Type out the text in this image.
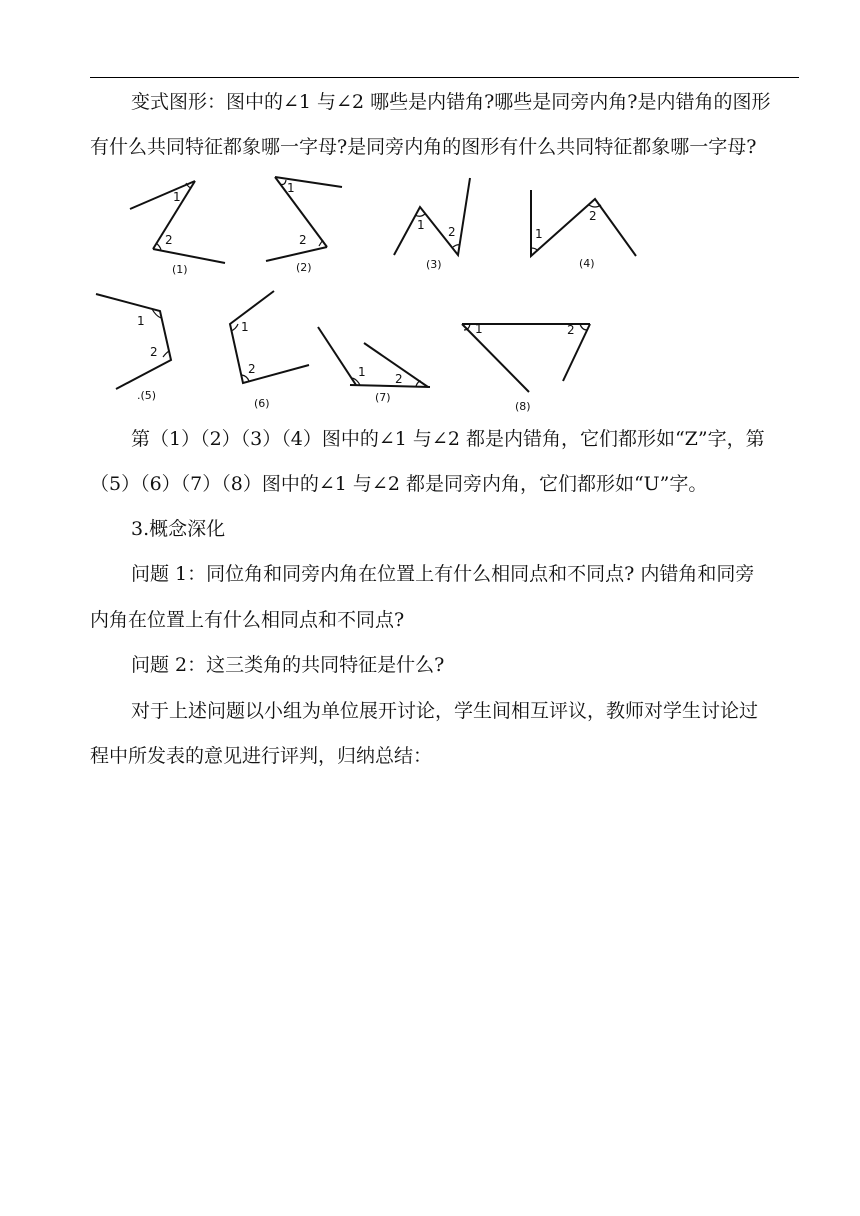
变式图形：图中的∠1 与∠2 哪些是内错角?哪些是同旁内角?是内错角的图形

有什么共同特征都象哪一字母?是同旁内角的图形有什么共同特征都象哪一字母?

1
2
(1)
1
2
(2)
1 2
(3)
1
2
(4)
1
2
.(5)
1
2
(6)
1 2
(7)
1	2
(8)

第（1）（2）（3）（4）图中的∠1 与∠2 都是内错角，它们都形如“Z”字，第

（5）（6）（7）（8）图中的∠1 与∠2 都是同旁内角，它们都形如“U”字。

3.概念深化

问题 1：同位角和同旁内角在位置上有什么相同点和不同点? 内错角和同旁

内角在位置上有什么相同点和不同点?

问题 2：这三类角的共同特征是什么?

对于上述问题以小组为单位展开讨论，学生间相互评议，教师对学生讨论过

程中所发表的意见进行评判，归纳总结：
